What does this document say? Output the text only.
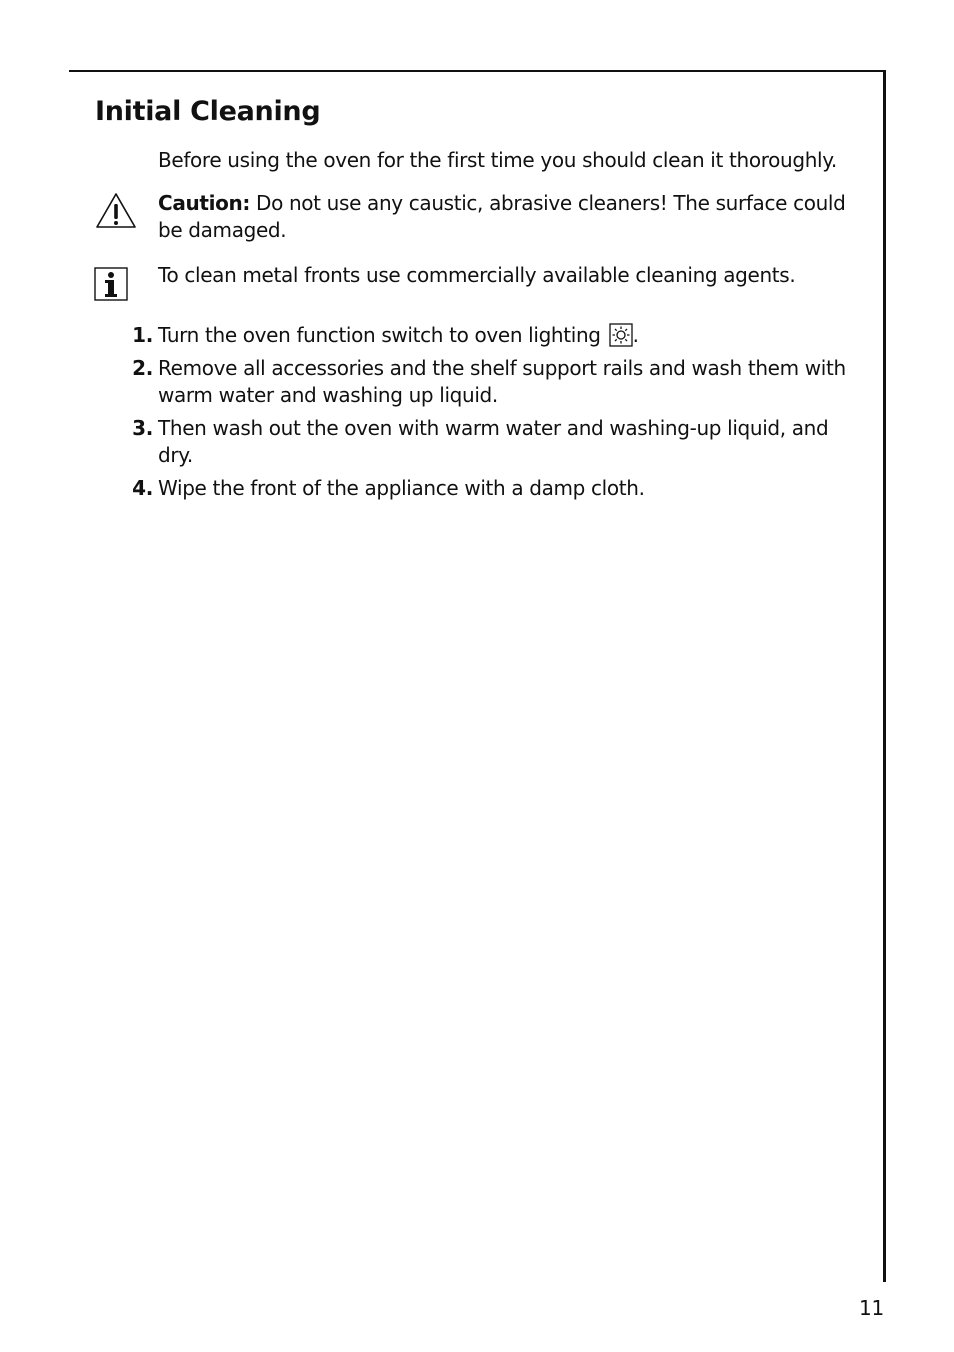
Initial Cleaning
Before using the oven for the first time you should clean it thoroughly.
Caution: Do not use any caustic, abrasive cleaners! The surface could be damaged.
To clean metal fronts use commercially available cleaning agents.
1. Turn the oven function switch to oven lighting .
2. Remove all accessories and the shelf support rails and wash them with warm water and washing up liquid.
3. Then wash out the oven with warm water and washing-up liquid, and dry.
4. Wipe the front of the appliance with a damp cloth.
11
